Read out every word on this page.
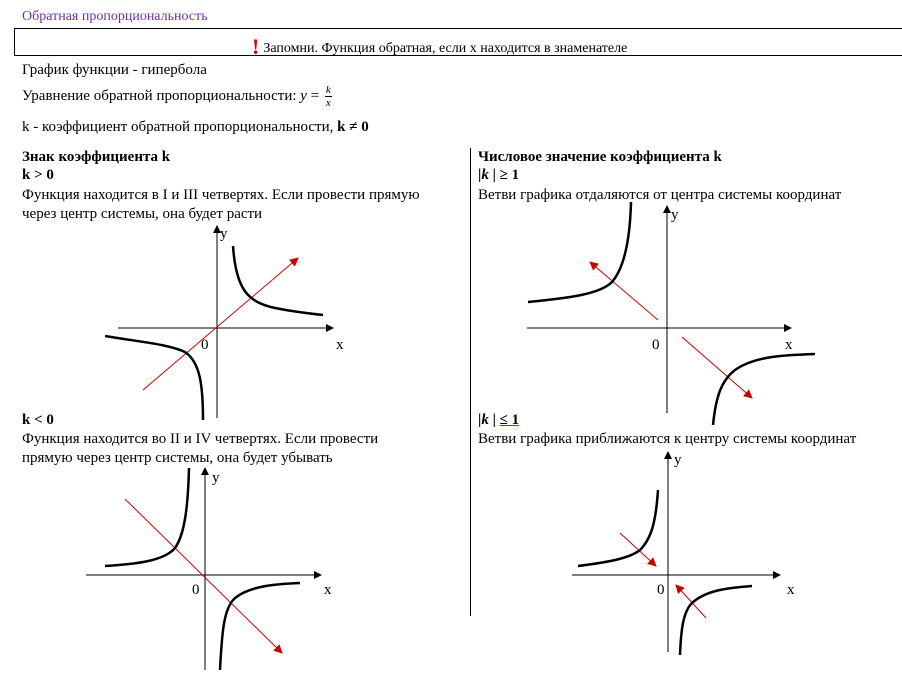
Обратная пропорциональность
! Запомни. Функция обратная, если х находится в знаменателе
График функции - гипербола
Уравнение обратной пропорциональности: $y = \frac{k}{x}$
k - коэффициент обратной пропорциональности, k ≠ 0
Знак коэффициента k
k > 0
Функция находится в I и III четвертях. Если провести прямую
через центр системы, она будет расти
k < 0
Функция находится во II и IV четвертях. Если провести
прямую через центр системы, она будет убывать
Числовое значение коэффициента k
|k | ≥ 1
Ветви графика отдаляются от центра системы координат
|k | ≤ 1
Ветви графика приближаются к центру системы координат
x
y
0
x
y
0
x
y
0
x
y
0
